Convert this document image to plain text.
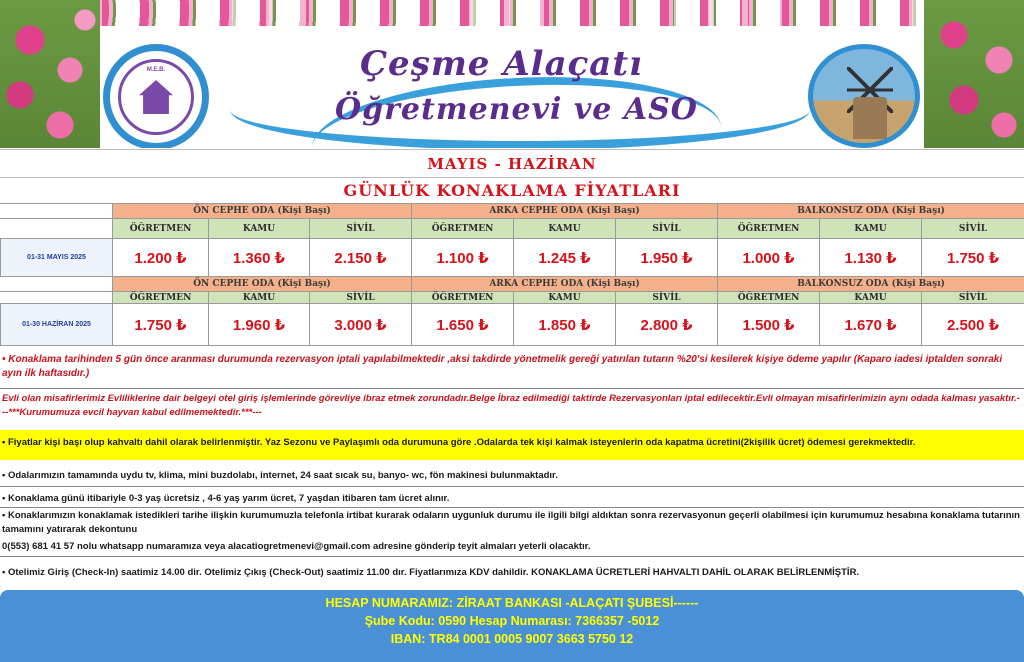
M.E.B.	Çeşme Alaçatı
Öğretmenevi ve ASO
MAYIS - HAZİRAN
GÜNLÜK KONAKLAMA FİYATLARI
	ÖN CEPHE ODA (Kişi Başı)			ARKA CEPHE ODA (Kişi Başı)			BALKONSUZ ODA (Kişi Başı)		
	ÖĞRETMEN	KAMU	SİVİL	ÖĞRETMEN	KAMU	SİVİL	ÖĞRETMEN	KAMU	SİVİL
01-31 MAYIS 2025	1.200 ₺	1.360 ₺	2.150 ₺	1.100 ₺	1.245 ₺	1.950 ₺	1.000 ₺	1.130 ₺	1.750 ₺
	ÖN CEPHE ODA (Kişi Başı)			ARKA CEPHE ODA (Kişi Başı)			BALKONSUZ ODA (Kişi Başı)		
	ÖĞRETMEN	KAMU	SİVİL	ÖĞRETMEN	KAMU	SİVİL	ÖĞRETMEN	KAMU	SİVİL
01-30 HAZİRAN 2025	1.750 ₺	1.960 ₺	3.000 ₺	1.650 ₺	1.850 ₺	2.800 ₺	1.500 ₺	1.670 ₺	2.500 ₺
• Konaklama tarihinden 5 gün önce aranması durumunda rezervasyon iptali yapılabilmektedir ,aksi takdirde yönetmelik gereği yatırılan tutarın %20'si kesilerek kişiye ödeme yapılır (Kaparo iadesi iptalden sonraki ayın ilk haftasıdır.)
Evli olan misafirlerimiz Evliliklerine dair belgeyi otel giriş işlemlerinde görevliye ibraz etmek zorundadır.Belge İbraz edilmediği taktirde Rezervasyonları iptal edilecektir.Evli olmayan misafirlerimizin aynı odada kalması yasaktır.---***Kurumumuza evcil hayvan kabul edilmemektedir.***---
• Fiyatlar kişi başı olup kahvaltı dahil olarak belirlenmiştir. Yaz Sezonu ve Paylaşımlı oda durumuna göre .Odalarda tek kişi kalmak isteyenlerin oda kapatma ücretini(2kişilik ücret) ödemesi gerekmektedir.
• Odalarımızın tamamında uydu tv, klima, mini buzdolabı, internet, 24 saat sıcak su, banyo- wc, fön makinesi bulunmaktadır.
• Konaklama günü itibariyle 0-3 yaş ücretsiz , 4-6 yaş yarım ücret, 7 yaşdan itibaren tam ücret alınır.
• Konaklarımızın konaklamak istedikleri tarihe ilişkin kurumumuzla telefonla irtibat kurarak odaların uygunluk durumu ile ilgili bilgi aldıktan sonra rezervasyonun geçerli olabilmesi için kurumumuz hesabına konaklama tutarının tamamını yatırarak dekontunu
0(553) 681 41 57 nolu whatsapp numaramıza veya alacatiogretmenevi@gmail.com adresine gönderip teyit almaları yeterli olacaktır.
• Otelimiz Giriş (Check-In) saatimiz 14.00 dir. Otelimiz Çıkış (Check-Out) saatimiz 11.00 dır. Fiyatlarımıza KDV dahildir. KONAKLAMA ÜCRETLERİ HAHVALTI DAHİL OLARAK BELİRLENMİŞTİR.
HESAP NUMARAMIZ: ZİRAAT BANKASI -ALAÇATI ŞUBESİ------
Şube Kodu: 0590 Hesap Numarası: 7366357 -5012
IBAN: TR84 0001 0005 9007 3663 5750 12
